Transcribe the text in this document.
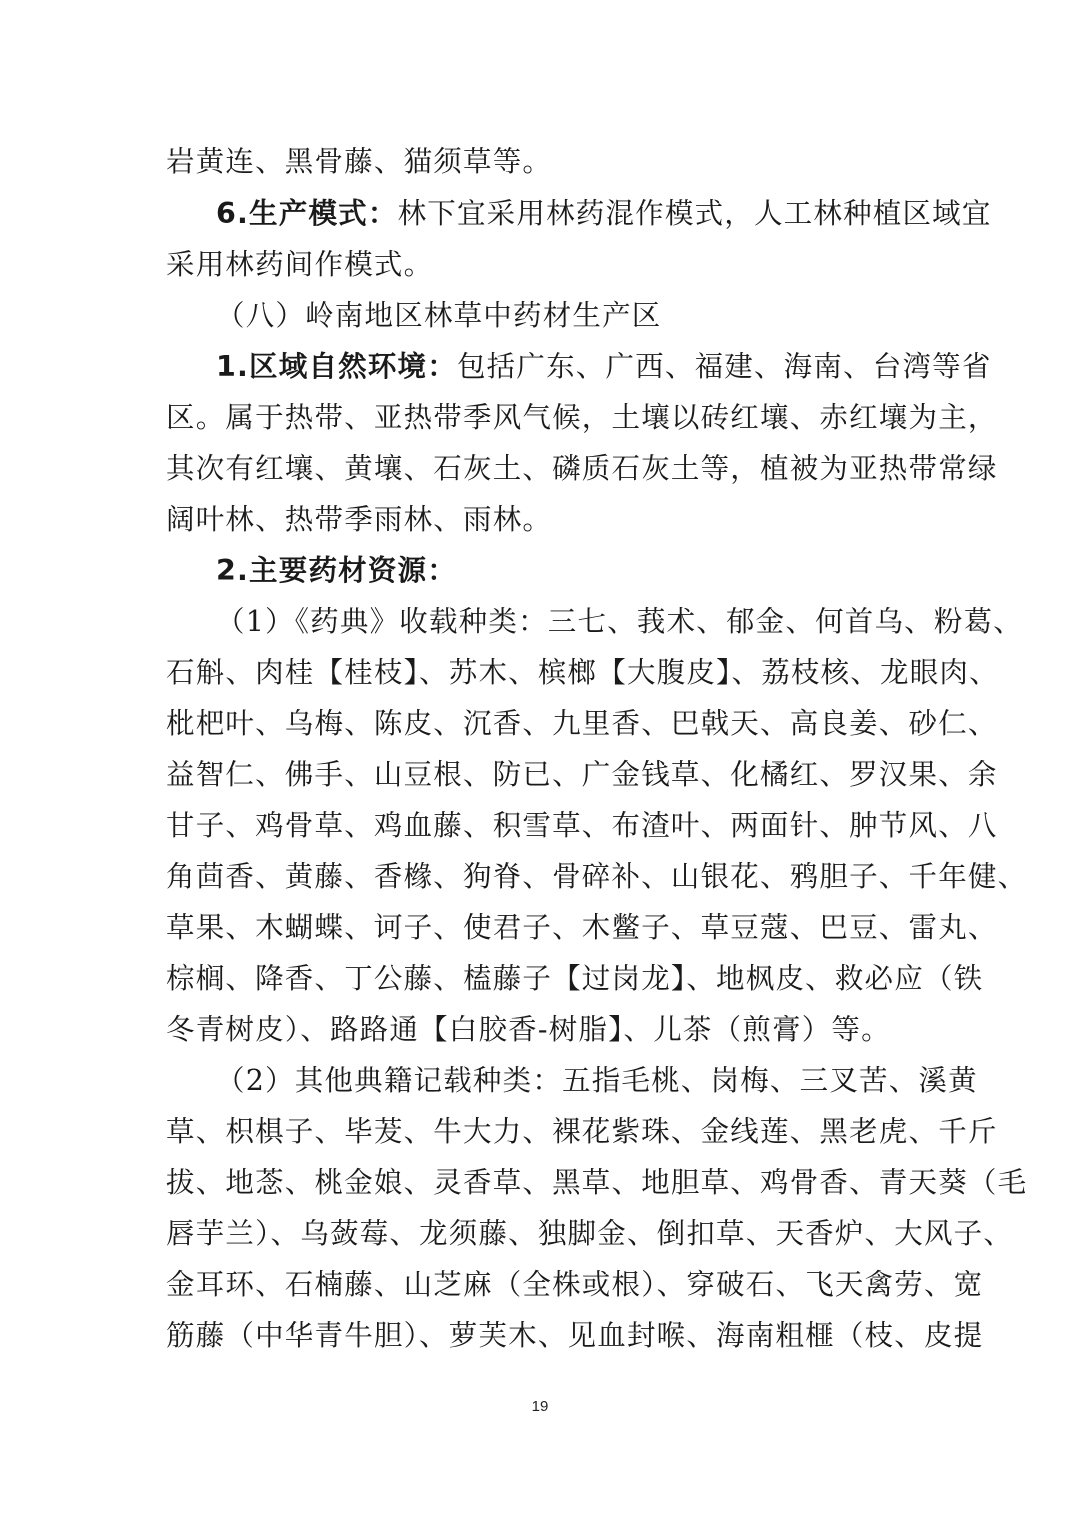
岩黄连、黑骨藤、猫须草等。
6.生产模式：林下宜采用林药混作模式，人工林种植区域宜
采用林药间作模式。
（八）岭南地区林草中药材生产区
1.区域自然环境：包括广东、广西、福建、海南、台湾等省
区。属于热带、亚热带季风气候，土壤以砖红壤、赤红壤为主，
其次有红壤、黄壤、石灰土、磷质石灰土等，植被为亚热带常绿
阔叶林、热带季雨林、雨林。
2.主要药材资源：
（1）《药典》收载种类：三七、莪术、郁金、何首乌、粉葛、
石斛、肉桂【桂枝】、苏木、槟榔【大腹皮】、荔枝核、龙眼肉、
枇杷叶、乌梅、陈皮、沉香、九里香、巴戟天、高良姜、砂仁、
益智仁、佛手、山豆根、防已、广金钱草、化橘红、罗汉果、余
甘子、鸡骨草、鸡血藤、积雪草、布渣叶、两面针、肿节风、八
角茴香、黄藤、香橼、狗脊、骨碎补、山银花、鸦胆子、千年健、
草果、木蝴蝶、诃子、使君子、木鳖子、草豆蔻、巴豆、雷丸、
棕榈、降香、丁公藤、榼藤子【过岗龙】、地枫皮、救必应（铁
冬青树皮）、路路通【白胶香-树脂】、儿茶（煎膏）等。
（2）其他典籍记载种类：五指毛桃、岗梅、三叉苦、溪黄
草、枳椇子、毕茇、牛大力、裸花紫珠、金线莲、黑老虎、千斤
拔、地菍、桃金娘、灵香草、黑草、地胆草、鸡骨香、青天葵（毛
唇芋兰）、乌蔹莓、龙须藤、独脚金、倒扣草、天香炉、大风子、
金耳环、石楠藤、山芝麻（全株或根）、穿破石、飞天禽劳、宽
筋藤（中华青牛胆）、萝芙木、见血封喉、海南粗榧（枝、皮提
19
